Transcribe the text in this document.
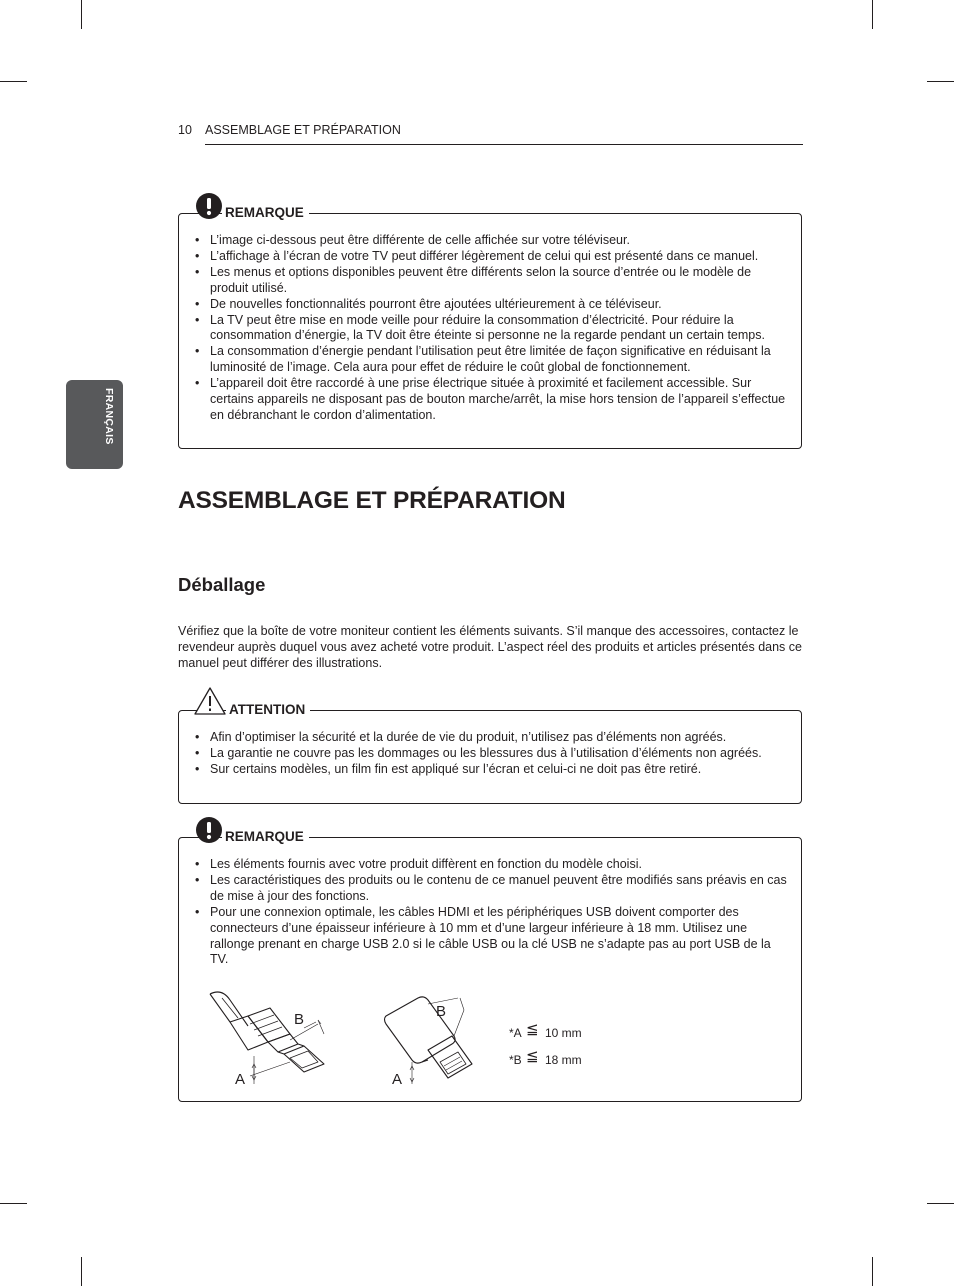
10 ASSEMBLAGE ET PRÉPARATION
FRANÇAIS
REMARQUE
• L’image ci-dessous peut être différente de celle affichée sur votre téléviseur.
• L’affichage à l’écran de votre TV peut différer légèrement de celui qui est présenté dans ce manuel.
• Les menus et options disponibles peuvent être différents selon la source d’entrée ou le modèle de produit utilisé.
• De nouvelles fonctionnalités pourront être ajoutées ultérieurement à ce téléviseur.
• La TV peut être mise en mode veille pour réduire la consommation d’électricité. Pour réduire la consommation d’énergie, la TV doit être éteinte si personne ne la regarde pendant un certain temps.
• La consommation d’énergie pendant l’utilisation peut être limitée de façon significative en réduisant la luminosité de l’image. Cela aura pour effet de réduire le coût global de fonctionnement.
• L’appareil doit être raccordé à une prise électrique située à proximité et facilement accessible. Sur certains appareils ne disposant pas de bouton marche/arrêt, la mise hors tension de l’appareil s’effectue en débranchant le cordon d’alimentation.
ASSEMBLAGE ET PRÉPARATION
Déballage

Vérifiez que la boîte de votre moniteur contient les éléments suivants. S’il manque des accessoires, contactez le revendeur auprès duquel vous avez acheté votre produit. L’aspect réel des produits et articles présentés dans ce manuel peut différer des illustrations.

ATTENTION
• Afin d’optimiser la sécurité et la durée de vie du produit, n’utilisez pas d’éléments non agréés.
• La garantie ne couvre pas les dommages ou les blessures dus à l’utilisation d’éléments non agréés.
• Sur certains modèles, un film fin est appliqué sur l’écran et celui-ci ne doit pas être retiré.
REMARQUE
• Les éléments fournis avec votre produit diffèrent en fonction du modèle choisi.
• Les caractéristiques des produits ou le contenu de ce manuel peuvent être modifiés sans préavis en cas de mise à jour des fonctions.
• Pour une connexion optimale, les câbles HDMI et les périphériques USB doivent comporter des connecteurs d’une épaisseur inférieure à 10 mm et d’une largeur inférieure à 18 mm. Utilisez une rallonge prenant en charge USB 2.0 si le câble USB ou la clé USB ne s’adapte pas au port USB de la TV.
B
A
B
A
*A ≦ 10 mm
*B ≦ 18 mm
